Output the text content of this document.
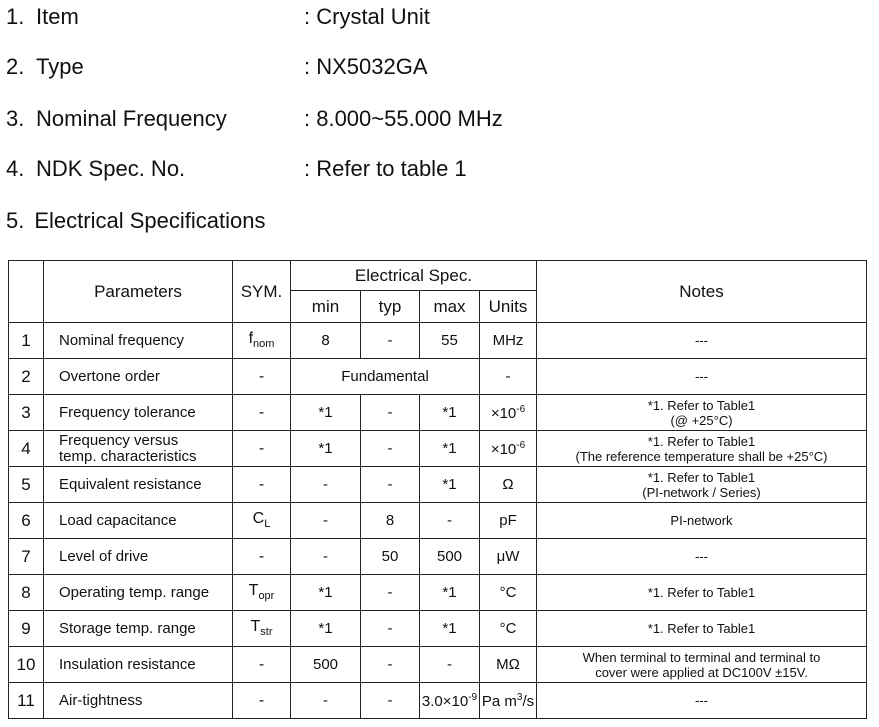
1. Item	: Crystal Unit
2. Type	: NX5032GA
3. Nominal Frequency	: 8.000~55.000 MHz
4. NDK Spec. No.	: Refer to table 1
5. Electrical Specifications
	Parameters	SYM.	Electrical Spec.				Notes
			min	typ	max	Units	
1	Nominal frequency	$f_{nom}$	8	-	55	MHz	---

2	Overtone order	-	Fundamental			-	---

3	Frequency tolerance	-	*1	-	*1	$\times 10^{-6}$	*1. Refer to Table1
(@ +25°C)

4	Frequency versus
temp. characteristics	-	*1	-	*1	$\times 10^{-6}$	*1. Refer to Table1
(The reference temperature shall be +25°C)

5	Equivalent resistance	-	-	-	*1	Ω	*1. Refer to Table1
(PI-network / Series)

6	Load capacitance	$C_L$	-	8	-	pF	PI-network

7	Level of drive	-	-	50	500	μW	---

8	Operating temp. range	$T_{opr}$	*1	-	*1	°C	*1. Refer to Table1

9	Storage temp. range	$T_{str}$	*1	-	*1	°C	*1. Refer to Table1

10	Insulation resistance	-	500	-	-	MΩ	When terminal to terminal and terminal to
cover were applied at DC100V ±15V.

11	Air-tightness	-	-	-	$3.0\times 10^{-9}$	Pa $m^3/s$	---
